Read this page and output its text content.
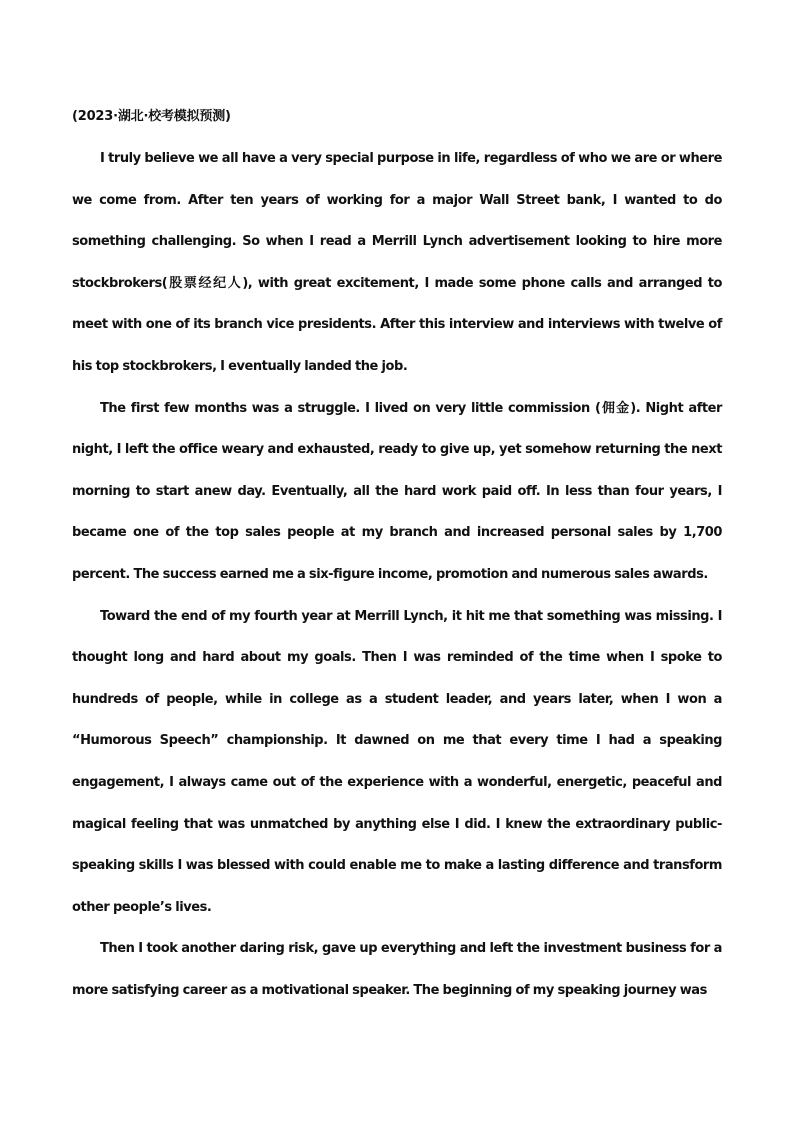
(2023·湖北·校考模拟预测)

I truly believe we all have a very special purpose in life, regardless of who we are or where we come from. After ten years of working for a major Wall Street bank, I wanted to do something challenging. So when I read a Merrill Lynch advertisement looking to hire more stockbrokers(股票经纪人), with great excitement, I made some phone calls and arranged to meet with one of its branch vice presidents. After this interview and interviews with twelve of his top stockbrokers, I eventually landed the job.

The first few months was a struggle. I lived on very little commission (佣金). Night after night, I left the office weary and exhausted, ready to give up, yet somehow returning the next morning to start anew day. Eventually, all the hard work paid off. In less than four years, I became one of the top sales people at my branch and increased personal sales by 1,700 percent. The success earned me a six-figure income, promotion and numerous sales awards.

Toward the end of my fourth year at Merrill Lynch, it hit me that something was missing. I thought long and hard about my goals. Then I was reminded of the time when I spoke to hundreds of people, while in college as a student leader, and years later, when I won a “Humorous Speech” championship. It dawned on me that every time I had a speaking engagement, I always came out of the experience with a wonderful, energetic, peaceful and magical feeling that was unmatched by anything else I did. I knew the extraordinary public-speaking skills I was blessed with could enable me to make a lasting difference and transform other people’s lives.

Then I took another daring risk, gave up everything and left the investment business for a more satisfying career as a motivational speaker. The beginning of my speaking journey was
